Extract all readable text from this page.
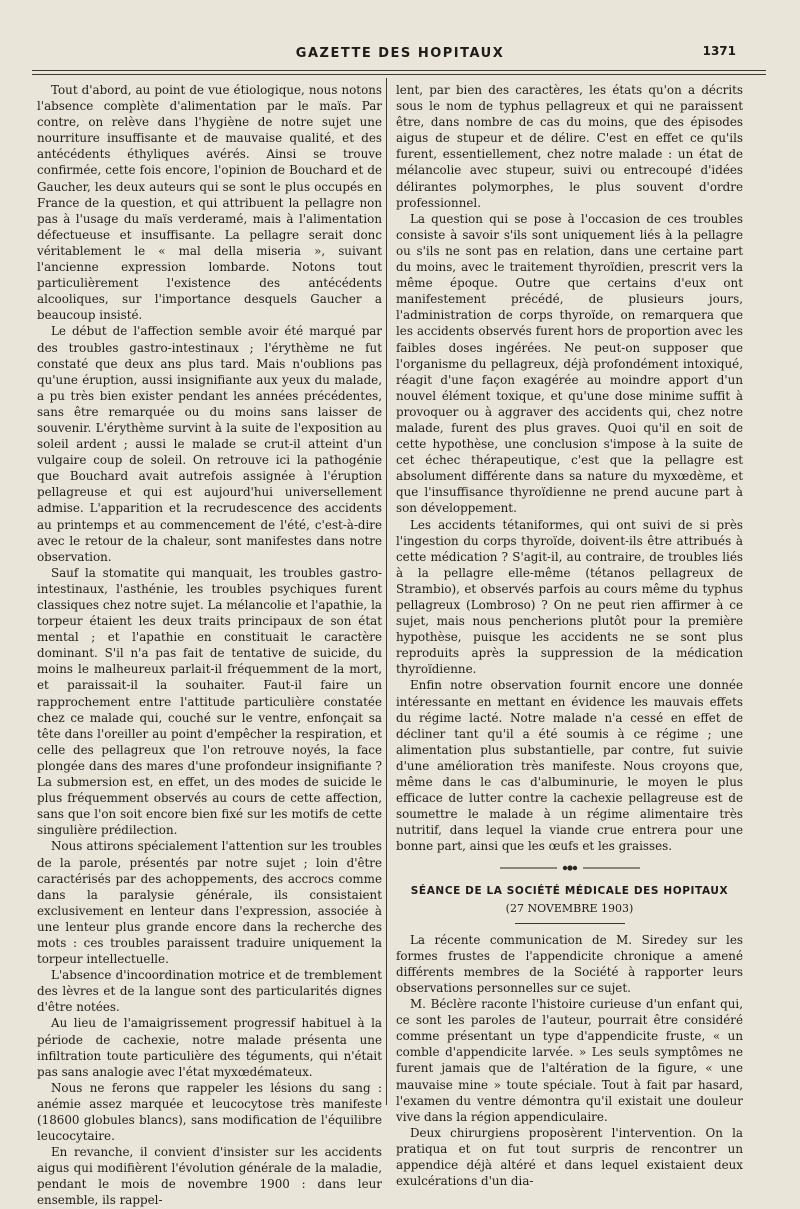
GAZETTE DES HOPITAUX	1371

Tout d'abord, au point de vue étiologique, nous notons l'absence complète d'alimentation par le maïs. Par contre, on relève dans l'hygiène de notre sujet une nourriture insuffisante et de mauvaise qualité, et des antécédents éthyliques avérés. Ainsi se trouve confirmée, cette fois encore, l'opinion de Bouchard et de Gaucher, les deux auteurs qui se sont le plus occupés en France de la question, et qui attribuent la pellagre non pas à l'usage du maïs verderamé, mais à l'alimentation défectueuse et insuffisante. La pellagre serait donc véritablement le « mal della miseria », suivant l'ancienne expression lombarde. Notons tout particulièrement l'existence des antécédents alcooliques, sur l'importance desquels Gaucher a beaucoup insisté.

Le début de l'affection semble avoir été marqué par des troubles gastro-intestinaux ; l'érythème ne fut constaté que deux ans plus tard. Mais n'oublions pas qu'une éruption, aussi insignifiante aux yeux du malade, a pu très bien exister pendant les années précédentes, sans être remarquée ou du moins sans laisser de souvenir. L'érythème survint à la suite de l'exposition au soleil ardent ; aussi le malade se crut-il atteint d'un vulgaire coup de soleil. On retrouve ici la pathogénie que Bouchard avait autrefois assignée à l'éruption pellagreuse et qui est aujourd'hui universellement admise. L'apparition et la recrudescence des accidents au printemps et au commencement de l'été, c'est-à-dire avec le retour de la chaleur, sont manifestes dans notre observation.

Sauf la stomatite qui manquait, les troubles gastro-intestinaux, l'asthénie, les troubles psychiques furent classiques chez notre sujet. La mélancolie et l'apathie, la torpeur étaient les deux traits principaux de son état mental ; et l'apathie en constituait le caractère dominant. S'il n'a pas fait de tentative de suicide, du moins le malheureux parlait-il fréquemment de la mort, et paraissait-il la souhaiter. Faut-il faire un rapprochement entre l'attitude particulière constatée chez ce malade qui, couché sur le ventre, enfonçait sa tête dans l'oreiller au point d'empêcher la respiration, et celle des pellagreux que l'on retrouve noyés, la face plongée dans des mares d'une profondeur insignifiante ? La submersion est, en effet, un des modes de suicide le plus fréquemment observés au cours de cette affection, sans que l'on soit encore bien fixé sur les motifs de cette singulière prédilection.

Nous attirons spécialement l'attention sur les troubles de la parole, présentés par notre sujet ; loin d'être caractérisés par des achoppements, des accrocs comme dans la paralysie générale, ils consistaient exclusivement en lenteur dans l'expression, associée à une lenteur plus grande encore dans la recherche des mots : ces troubles paraissent traduire uniquement la torpeur intellectuelle.

L'absence d'incoordination motrice et de tremblement des lèvres et de la langue sont des particularités dignes d'être notées.

Au lieu de l'amaigrissement progressif habituel à la période de cachexie, notre malade présenta une infiltration toute particulière des téguments, qui n'était pas sans analogie avec l'état myxœdémateux.

Nous ne ferons que rappeler les lésions du sang : anémie assez marquée et leucocytose très manifeste (18600 globules blancs), sans modification de l'équilibre leucocytaire.

En revanche, il convient d'insister sur les accidents aigus qui modifièrent l'évolution générale de la maladie, pendant le mois de novembre 1900 : dans leur ensemble, ils rappel-

lent, par bien des caractères, les états qu'on a décrits sous le nom de typhus pellagreux et qui ne paraissent être, dans nombre de cas du moins, que des épisodes aigus de stupeur et de délire. C'est en effet ce qu'ils furent, essentiellement, chez notre malade : un état de mélancolie avec stupeur, suivi ou entrecoupé d'idées délirantes polymorphes, le plus souvent d'ordre professionnel.

La question qui se pose à l'occasion de ces troubles consiste à savoir s'ils sont uniquement liés à la pellagre ou s'ils ne sont pas en relation, dans une certaine part du moins, avec le traitement thyroïdien, prescrit vers la même époque. Outre que certains d'eux ont manifestement précédé, de plusieurs jours, l'administration de corps thyroïde, on remarquera que les accidents observés furent hors de proportion avec les faibles doses ingérées. Ne peut-on supposer que l'organisme du pellagreux, déjà profondément intoxiqué, réagit d'une façon exagérée au moindre apport d'un nouvel élément toxique, et qu'une dose minime suffit à provoquer ou à aggraver des accidents qui, chez notre malade, furent des plus graves. Quoi qu'il en soit de cette hypothèse, une conclusion s'impose à la suite de cet échec thérapeutique, c'est que la pellagre est absolument différente dans sa nature du myxœdème, et que l'insuffisance thyroïdienne ne prend aucune part à son développement.

Les accidents tétaniformes, qui ont suivi de si près l'ingestion du corps thyroïde, doivent-ils être attribués à cette médication ? S'agit-il, au contraire, de troubles liés à la pellagre elle-même (tétanos pellagreux de Strambio), et observés parfois au cours même du typhus pellagreux (Lombroso) ? On ne peut rien affirmer à ce sujet, mais nous pencherions plutôt pour la première hypothèse, puisque les accidents ne se sont plus reproduits après la suppression de la médication thyroïdienne.

Enfin notre observation fournit encore une donnée intéressante en mettant en évidence les mauvais effets du régime lacté. Notre malade n'a cessé en effet de décliner tant qu'il a été soumis à ce régime ; une alimentation plus substantielle, par contre, fut suivie d'une amélioration très manifeste. Nous croyons que, même dans le cas d'albuminurie, le moyen le plus efficace de lutter contre la cachexie pellagreuse est de soumettre le malade à un régime alimentaire très nutritif, dans lequel la viande crue entrera pour une bonne part, ainsi que les œufs et les graisses.

SÉANCE DE LA SOCIÉTÉ MÉDICALE DES HOPITAUX
(27 NOVEMBRE 1903)

La récente communication de M. Siredey sur les formes frustes de l'appendicite chronique a amené différents membres de la Société à rapporter leurs observations personnelles sur ce sujet.

M. Béclère raconte l'histoire curieuse d'un enfant qui, ce sont les paroles de l'auteur, pourrait être considéré comme présentant un type d'appendicite fruste, « un comble d'appendicite larvée. » Les seuls symptômes ne furent jamais que de l'altération de la figure, « une mauvaise mine » toute spéciale. Tout à fait par hasard, l'examen du ventre démontra qu'il existait une douleur vive dans la région appendiculaire.

Deux chirurgiens proposèrent l'intervention. On la pratiqua et on fut tout surpris de rencontrer un appendice déjà altéré et dans lequel existaient deux exulcérations d'un dia-
